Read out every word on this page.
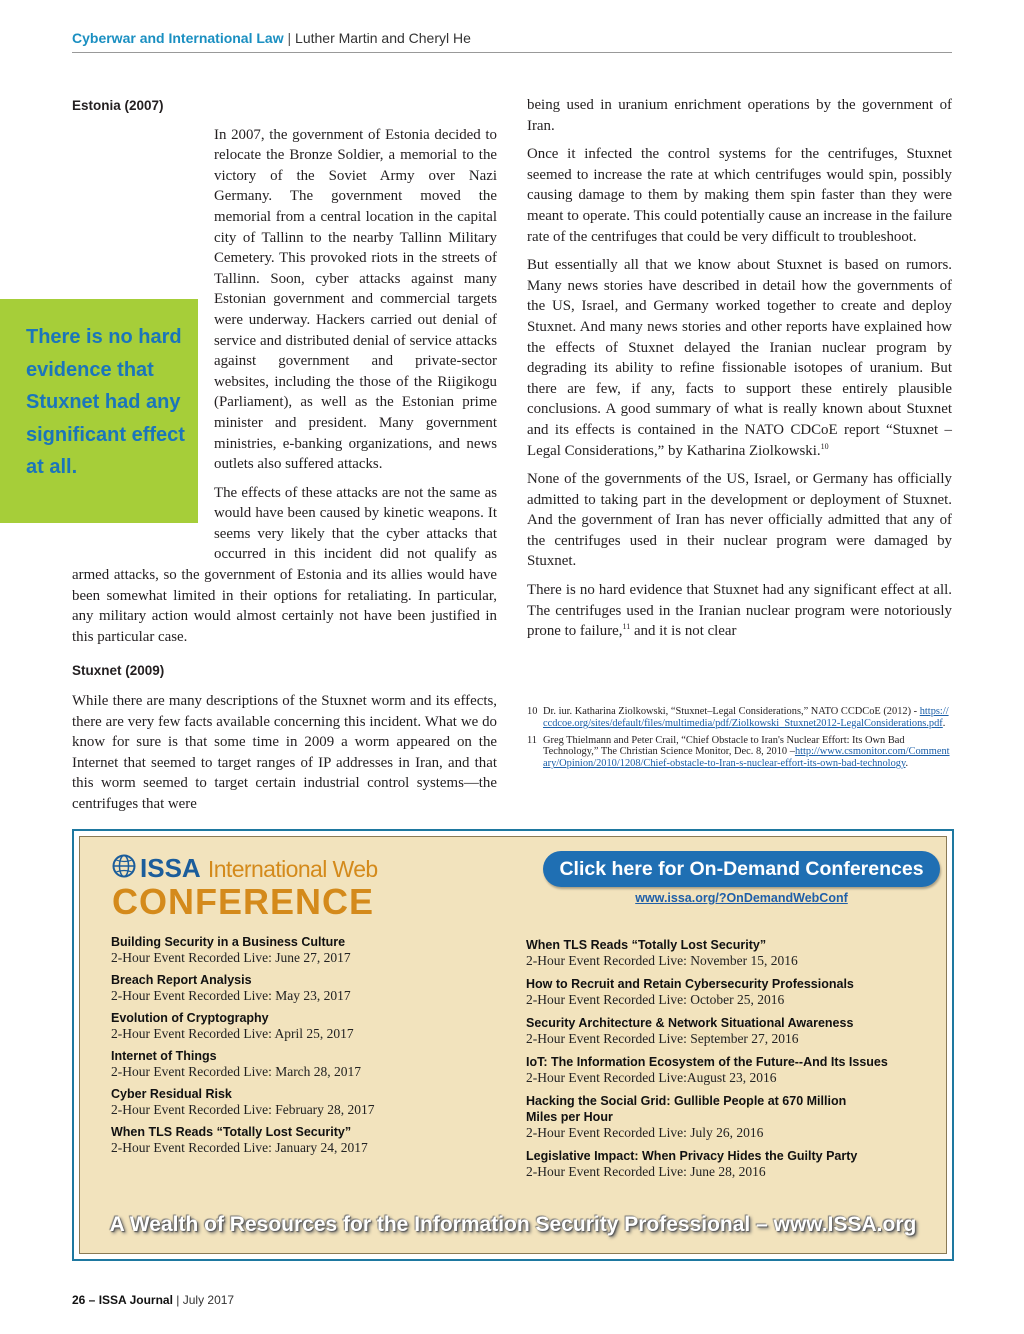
Cyberwar and International Law | Luther Martin and Cheryl He
Estonia (2007)

In 2007, the government of Estonia decided to relocate the Bronze Soldier, a memorial to the victory of the Soviet Army over Nazi Germany. The government moved the memorial from a central location in the capital city of Tallinn to the nearby Tallinn Military Cemetery. This provoked riots in the streets of Tallinn. Soon, cyber attacks against many Estonian government and commercial targets were underway. Hackers carried out denial of service and distributed denial of service attacks against government and private-sector websites, including the those of the Riigikogu (Parliament), as well as the Estonian prime minister and president. Many government ministries, e-banking organizations, and news outlets also suffered attacks.

The effects of these attacks are not the same as would have been caused by kinetic weapons. It seems very likely that the cyber attacks that occurred in this incident did not qualify as armed attacks, so the government of Estonia and its allies would have been somewhat limited in their options for retaliating. In particular, any military action would almost certainly not have been justified in this particular case.

Stuxnet (2009)

While there are many descriptions of the Stuxnet worm and its effects, there are very few facts available concerning this incident. What we do know for sure is that some time in 2009 a worm appeared on the Internet that seemed to target ranges of IP addresses in Iran, and that this worm seemed to target certain industrial control systems—the centrifuges that were

There is no hard evidence that Stuxnet had any significant effect at all.

being used in uranium enrichment operations by the government of Iran.

Once it infected the control systems for the centrifuges, Stuxnet seemed to increase the rate at which centrifuges would spin, possibly causing damage to them by making them spin faster than they were meant to operate. This could potentially cause an increase in the failure rate of the centrifuges that could be very difficult to troubleshoot.

But essentially all that we know about Stuxnet is based on rumors. Many news stories have described in detail how the governments of the US, Israel, and Germany worked together to create and deploy Stuxnet. And many news stories and other reports have explained how the effects of Stuxnet delayed the Iranian nuclear program by degrading its ability to refine fissionable isotopes of uranium. But there are few, if any, facts to support these entirely plausible conclusions. A good summary of what is really known about Stuxnet and its effects is contained in the NATO CDCoE report “Stuxnet – Legal Considerations,” by Katharina Ziolkowski.$^{10}$

None of the governments of the US, Israel, or Germany has officially admitted to taking part in the development or deployment of Stuxnet. And the government of Iran has never officially admitted that any of the centrifuges used in their nuclear program were damaged by Stuxnet.

There is no hard evidence that Stuxnet had any significant effect at all. The centrifuges used in the Iranian nuclear program were notoriously prone to failure,$^{11}$ and it is not clear

10 Dr. iur. Katharina Ziolkowski, “Stuxnet–Legal Considerations,” NATO CCDCoE (2012) - https://ccdcoe.org/sites/default/files/multimedia/pdf/Ziolkowski_Stuxnet2012-LegalConsiderations.pdf.
11 Greg Thielmann and Peter Crail, “Chief Obstacle to Iran's Nuclear Effort: Its Own Bad Technology,” The Christian Science Monitor, Dec. 8, 2010 –http://www.csmonitor.com/Commentary/Opinion/2010/1208/Chief-obstacle-to-Iran-s-nuclear-effort-its-own-bad-technology.
ISSA International Web
CONFERENCE
Click here for On-Demand Conferences
www.issa.org/?OnDemandWebConf
Building Security in a Business Culture
2-Hour Event Recorded Live: June 27, 2017
Breach Report Analysis
2-Hour Event Recorded Live: May 23, 2017
Evolution of Cryptography
2-Hour Event Recorded Live: April 25, 2017
Internet of Things
2-Hour Event Recorded Live: March 28, 2017
Cyber Residual Risk
2-Hour Event Recorded Live: February 28, 2017
When TLS Reads “Totally Lost Security”
2-Hour Event Recorded Live: January 24, 2017
When TLS Reads “Totally Lost Security”
2-Hour Event Recorded Live: November 15, 2016
How to Recruit and Retain Cybersecurity Professionals
2-Hour Event Recorded Live: October 25, 2016
Security Architecture & Network Situational Awareness
2-Hour Event Recorded Live: September 27, 2016
IoT: The Information Ecosystem of the Future--And Its Issues
2-Hour Event Recorded Live:August 23, 2016
Hacking the Social Grid: Gullible People at 670 Million Miles per Hour
2-Hour Event Recorded Live: July 26, 2016
Legislative Impact: When Privacy Hides the Guilty Party
2-Hour Event Recorded Live: June 28, 2016
A Wealth of Resources for the Information Security Professional – www.ISSA.org
26 – ISSA Journal | July 2017
